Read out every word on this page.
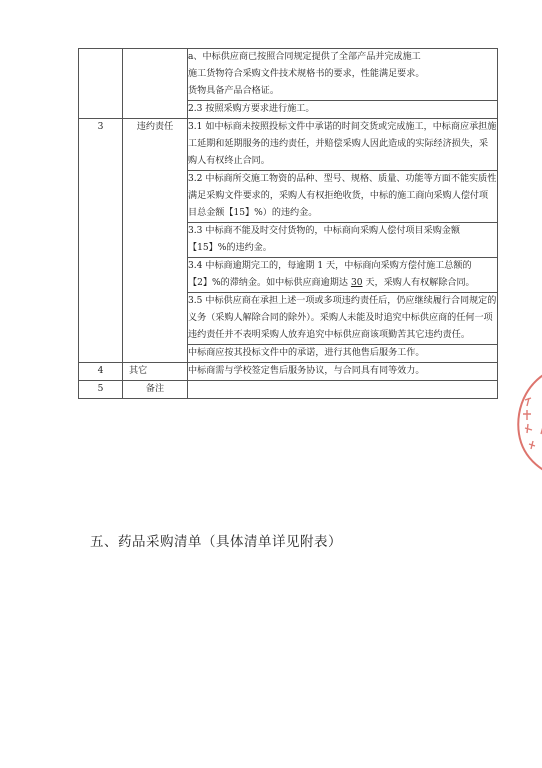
		a、中标供应商已按照合同规定提供了全部产品并完成施工

施工货物符合采购文件技术规格书的要求，性能满足要求。

货物具备产品合格证。

		2.3 按照采购方要求进行施工。
3	违约责任	3.1 如中标商未按照投标文件中承诺的时间交货或完成施工，中标商应承担施工延期和延期服务的违约责任，并赔偿采购人因此造成的实际经济损失，采购人有权终止合同。
		3.2 中标商所交施工物资的品种、型号、规格、质量、功能等方面不能实质性满足采购文件要求的，采购人有权拒绝收货，中标的施工商向采购人偿付项目总金额【15】%）的违约金。
		3.3 中标商不能及时交付货物的，中标商向采购人偿付项目采购金额【15】%的违约金。
		3.4 中标商逾期完工的，每逾期 1 天，中标商向采购方偿付施工总额的【2】%的滞纳金。如中标供应商逾期达 30 天，采购人有权解除合同。
		3.5 中标供应商在承担上述一项或多项违约责任后，仍应继续履行合同规定的义务（采购人解除合同的除外）。采购人未能及时追究中标供应商的任何一项违约责任并不表明采购人放弃追究中标供应商该项勤苦其它违约责任。
		中标商应按其投标文件中的承诺，进行其他售后服务工作。
4	其它	中标商需与学校签定售后服务协议，与合同具有同等效力。
5	备注	
五、药品采购清单（具体清单详见附表）
